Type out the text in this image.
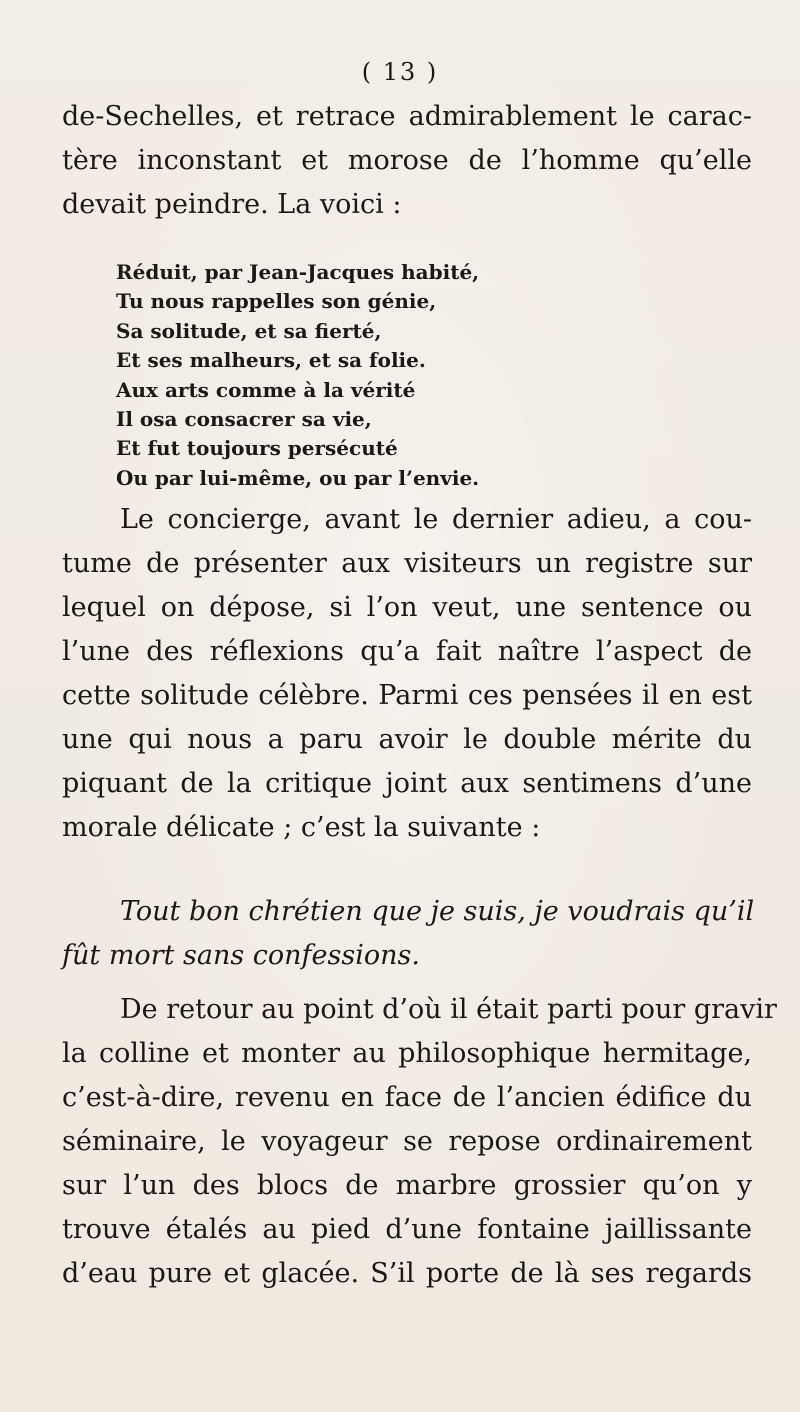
( 13 )

de-Sechelles, et retrace admirablement le carac-
tère inconstant et morose de l’homme qu’elle
devait peindre. La voici :

Réduit, par Jean-Jacques habité,
Tu nous rappelles son génie,
Sa solitude, et sa fierté,
Et ses malheurs, et sa folie.
Aux arts comme à la vérité
Il osa consacrer sa vie,
Et fut toujours persécuté
Ou par lui-même, ou par l’envie.

Le concierge, avant le dernier adieu, a cou-
tume de présenter aux visiteurs un registre sur
lequel on dépose, si l’on veut, une sentence ou
l’une des réflexions qu’a fait naître l’aspect de
cette solitude célèbre. Parmi ces pensées il en est
une qui nous a paru avoir le double mérite du
piquant de la critique joint aux sentimens d’une
morale délicate ; c’est la suivante :

Tout bon chrétien que je suis, je voudrais qu’il
fût mort sans confessions.

De retour au point d’où il était parti pour gravir
la colline et monter au philosophique hermitage,
c’est-à-dire, revenu en face de l’ancien édifice du
séminaire, le voyageur se repose ordinairement
sur l’un des blocs de marbre grossier qu’on y
trouve étalés au pied d’une fontaine jaillissante
d’eau pure et glacée. S’il porte de là ses regards
